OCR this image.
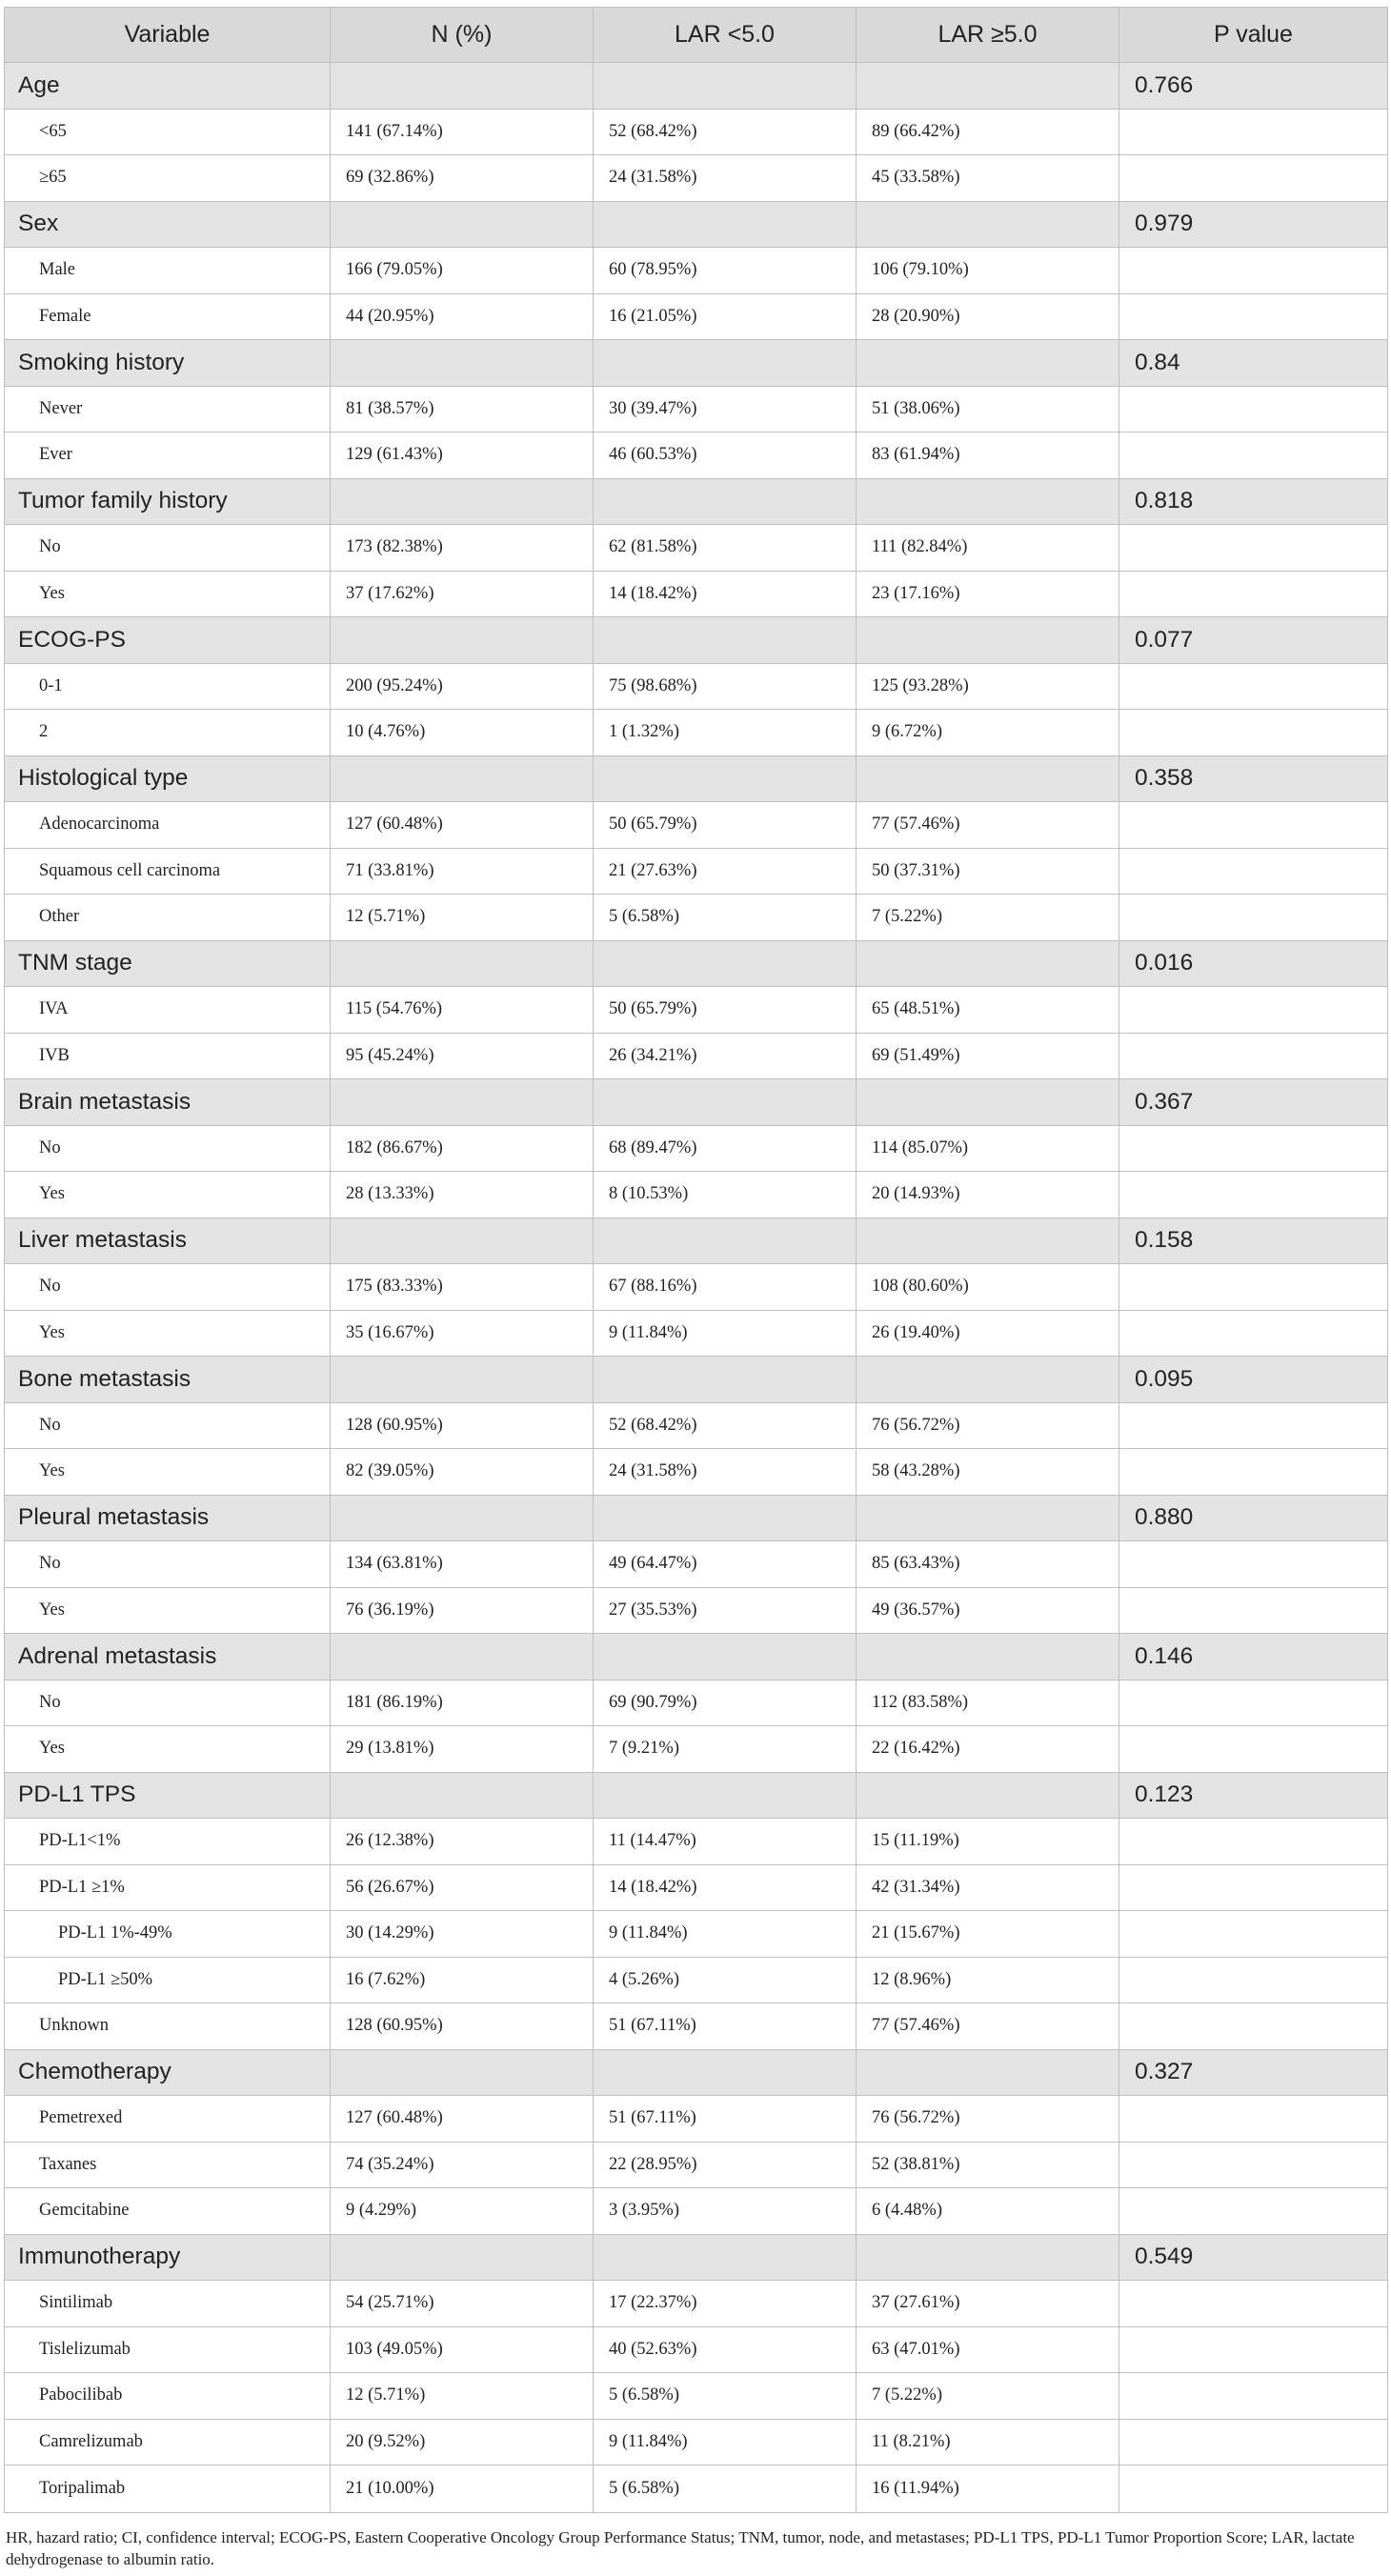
Variable	N (%)	LAR <5.0	LAR ≥5.0	P value
Age				0.766
<65	141 (67.14%)	52 (68.42%)	89 (66.42%)	
≥65	69 (32.86%)	24 (31.58%)	45 (33.58%)	
Sex				0.979
Male	166 (79.05%)	60 (78.95%)	106 (79.10%)	
Female	44 (20.95%)	16 (21.05%)	28 (20.90%)	
Smoking history				0.84
Never	81 (38.57%)	30 (39.47%)	51 (38.06%)	
Ever	129 (61.43%)	46 (60.53%)	83 (61.94%)	
Tumor family history				0.818
No	173 (82.38%)	62 (81.58%)	111 (82.84%)	
Yes	37 (17.62%)	14 (18.42%)	23 (17.16%)	
ECOG-PS				0.077
0-1	200 (95.24%)	75 (98.68%)	125 (93.28%)	
2	10 (4.76%)	1 (1.32%)	9 (6.72%)	
Histological type				0.358
Adenocarcinoma	127 (60.48%)	50 (65.79%)	77 (57.46%)	
Squamous cell carcinoma	71 (33.81%)	21 (27.63%)	50 (37.31%)	
Other	12 (5.71%)	5 (6.58%)	7 (5.22%)	
TNM stage				0.016
IVA	115 (54.76%)	50 (65.79%)	65 (48.51%)	
IVB	95 (45.24%)	26 (34.21%)	69 (51.49%)	
Brain metastasis				0.367
No	182 (86.67%)	68 (89.47%)	114 (85.07%)	
Yes	28 (13.33%)	8 (10.53%)	20 (14.93%)	
Liver metastasis				0.158
No	175 (83.33%)	67 (88.16%)	108 (80.60%)	
Yes	35 (16.67%)	9 (11.84%)	26 (19.40%)	
Bone metastasis				0.095
No	128 (60.95%)	52 (68.42%)	76 (56.72%)	
Yes	82 (39.05%)	24 (31.58%)	58 (43.28%)	
Pleural metastasis				0.880
No	134 (63.81%)	49 (64.47%)	85 (63.43%)	
Yes	76 (36.19%)	27 (35.53%)	49 (36.57%)	
Adrenal metastasis				0.146
No	181 (86.19%)	69 (90.79%)	112 (83.58%)	
Yes	29 (13.81%)	7 (9.21%)	22 (16.42%)	
PD-L1 TPS				0.123
PD-L1<1%	26 (12.38%)	11 (14.47%)	15 (11.19%)	
PD-L1 ≥1%	56 (26.67%)	14 (18.42%)	42 (31.34%)	
PD-L1 1%-49%	30 (14.29%)	9 (11.84%)	21 (15.67%)	
PD-L1 ≥50%	16 (7.62%)	4 (5.26%)	12 (8.96%)	
Unknown	128 (60.95%)	51 (67.11%)	77 (57.46%)	
Chemotherapy				0.327
Pemetrexed	127 (60.48%)	51 (67.11%)	76 (56.72%)	
Taxanes	74 (35.24%)	22 (28.95%)	52 (38.81%)	
Gemcitabine	9 (4.29%)	3 (3.95%)	6 (4.48%)	
Immunotherapy				0.549
Sintilimab	54 (25.71%)	17 (22.37%)	37 (27.61%)	
Tislelizumab	103 (49.05%)	40 (52.63%)	63 (47.01%)	
Pabocilibab	12 (5.71%)	5 (6.58%)	7 (5.22%)	
Camrelizumab	20 (9.52%)	9 (11.84%)	11 (8.21%)	
Toripalimab	21 (10.00%)	5 (6.58%)	16 (11.94%)	
HR, hazard ratio; CI, confidence interval; ECOG-PS, Eastern Cooperative Oncology Group Performance Status; TNM, tumor, node, and metastases; PD-L1 TPS, PD-L1 Tumor Proportion Score; LAR, lactate dehydrogenase to albumin ratio.
